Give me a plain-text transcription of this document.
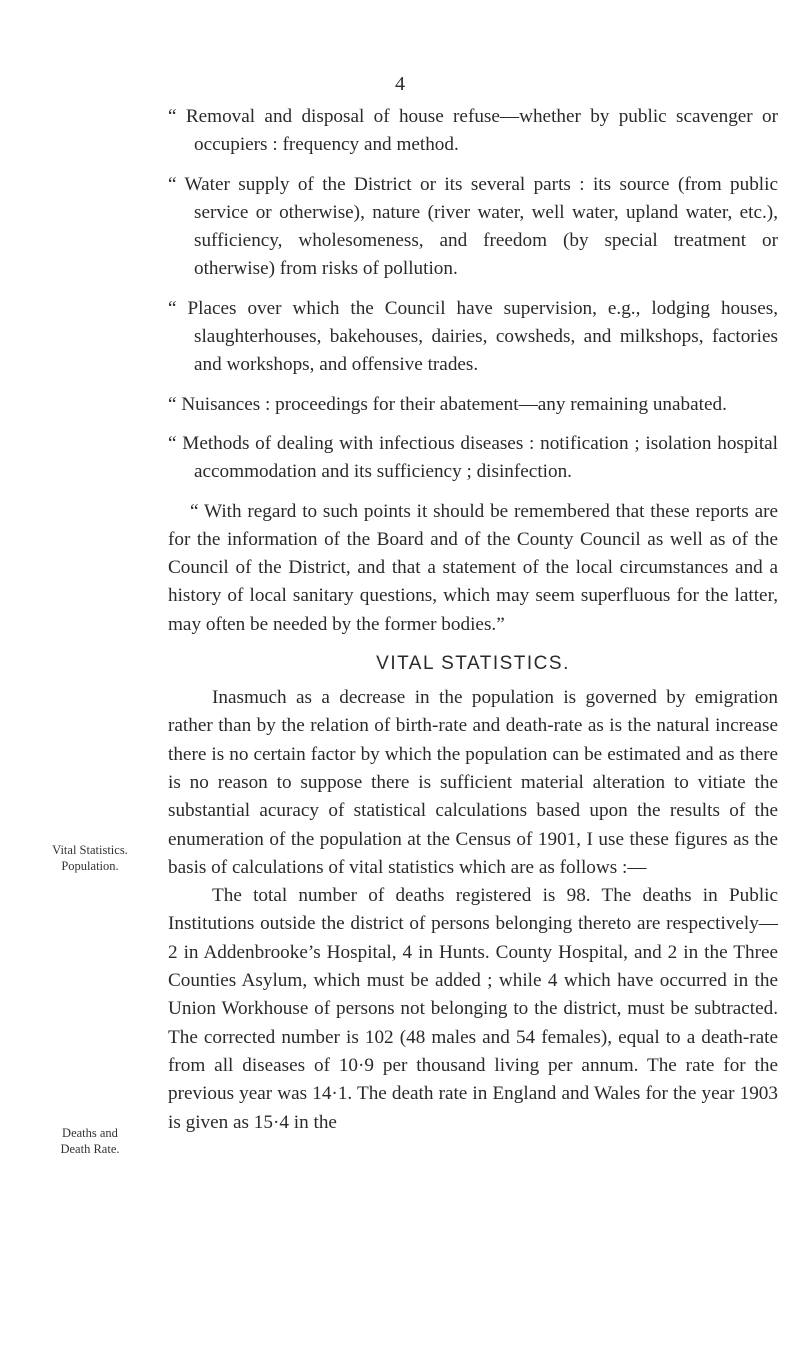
4
Vital Statistics.
Population.
Deaths and
Death Rate.

“ Removal and disposal of house refuse—whether by public scavenger or occupiers : frequency and method.

“ Water supply of the District or its several parts : its source (from public service or otherwise), nature (river water, well water, upland water, etc.), sufficiency, wholesomeness, and freedom (by special treatment or otherwise) from risks of pollution.

“ Places over which the Council have supervision, e.g., lodging houses, slaughterhouses, bakehouses, dairies, cowsheds, and milkshops, factories and workshops, and offensive trades.

“ Nuisances : proceedings for their abatement—any remaining unabated.

“ Methods of dealing with infectious diseases : notification ; isolation hospital accommodation and its sufficiency ; disinfection.

“ With regard to such points it should be remembered that these reports are for the information of the Board and of the County Council as well as of the Council of the District, and that a statement of the local circumstances and a history of local sanitary questions, which may seem superfluous for the latter, may often be needed by the former bodies.”

VITAL STATISTICS.

Inasmuch as a decrease in the population is governed by emigration rather than by the relation of birth-rate and death-rate as is the natural increase there is no certain factor by which the population can be estimated and as there is no reason to suppose there is sufficient material alteration to vitiate the substantial acuracy of statistical calculations based upon the results of the enumeration of the population at the Census of 1901, I use these figures as the basis of calculations of vital statistics which are as follows :—

The total number of deaths registered is 98. The deaths in Public Institutions outside the district of persons belonging thereto are respectively—2 in Addenbrooke’s Hospital, 4 in Hunts. County Hospital, and 2 in the Three Counties Asylum, which must be added ; while 4 which have occurred in the Union Workhouse of persons not belonging to the district, must be subtracted. The corrected number is 102 (48 males and 54 females), equal to a death-rate from all diseases of 10·9 per thousand living per annum. The rate for the previous year was 14·1. The death rate in England and Wales for the year 1903 is given as 15·4 in the
